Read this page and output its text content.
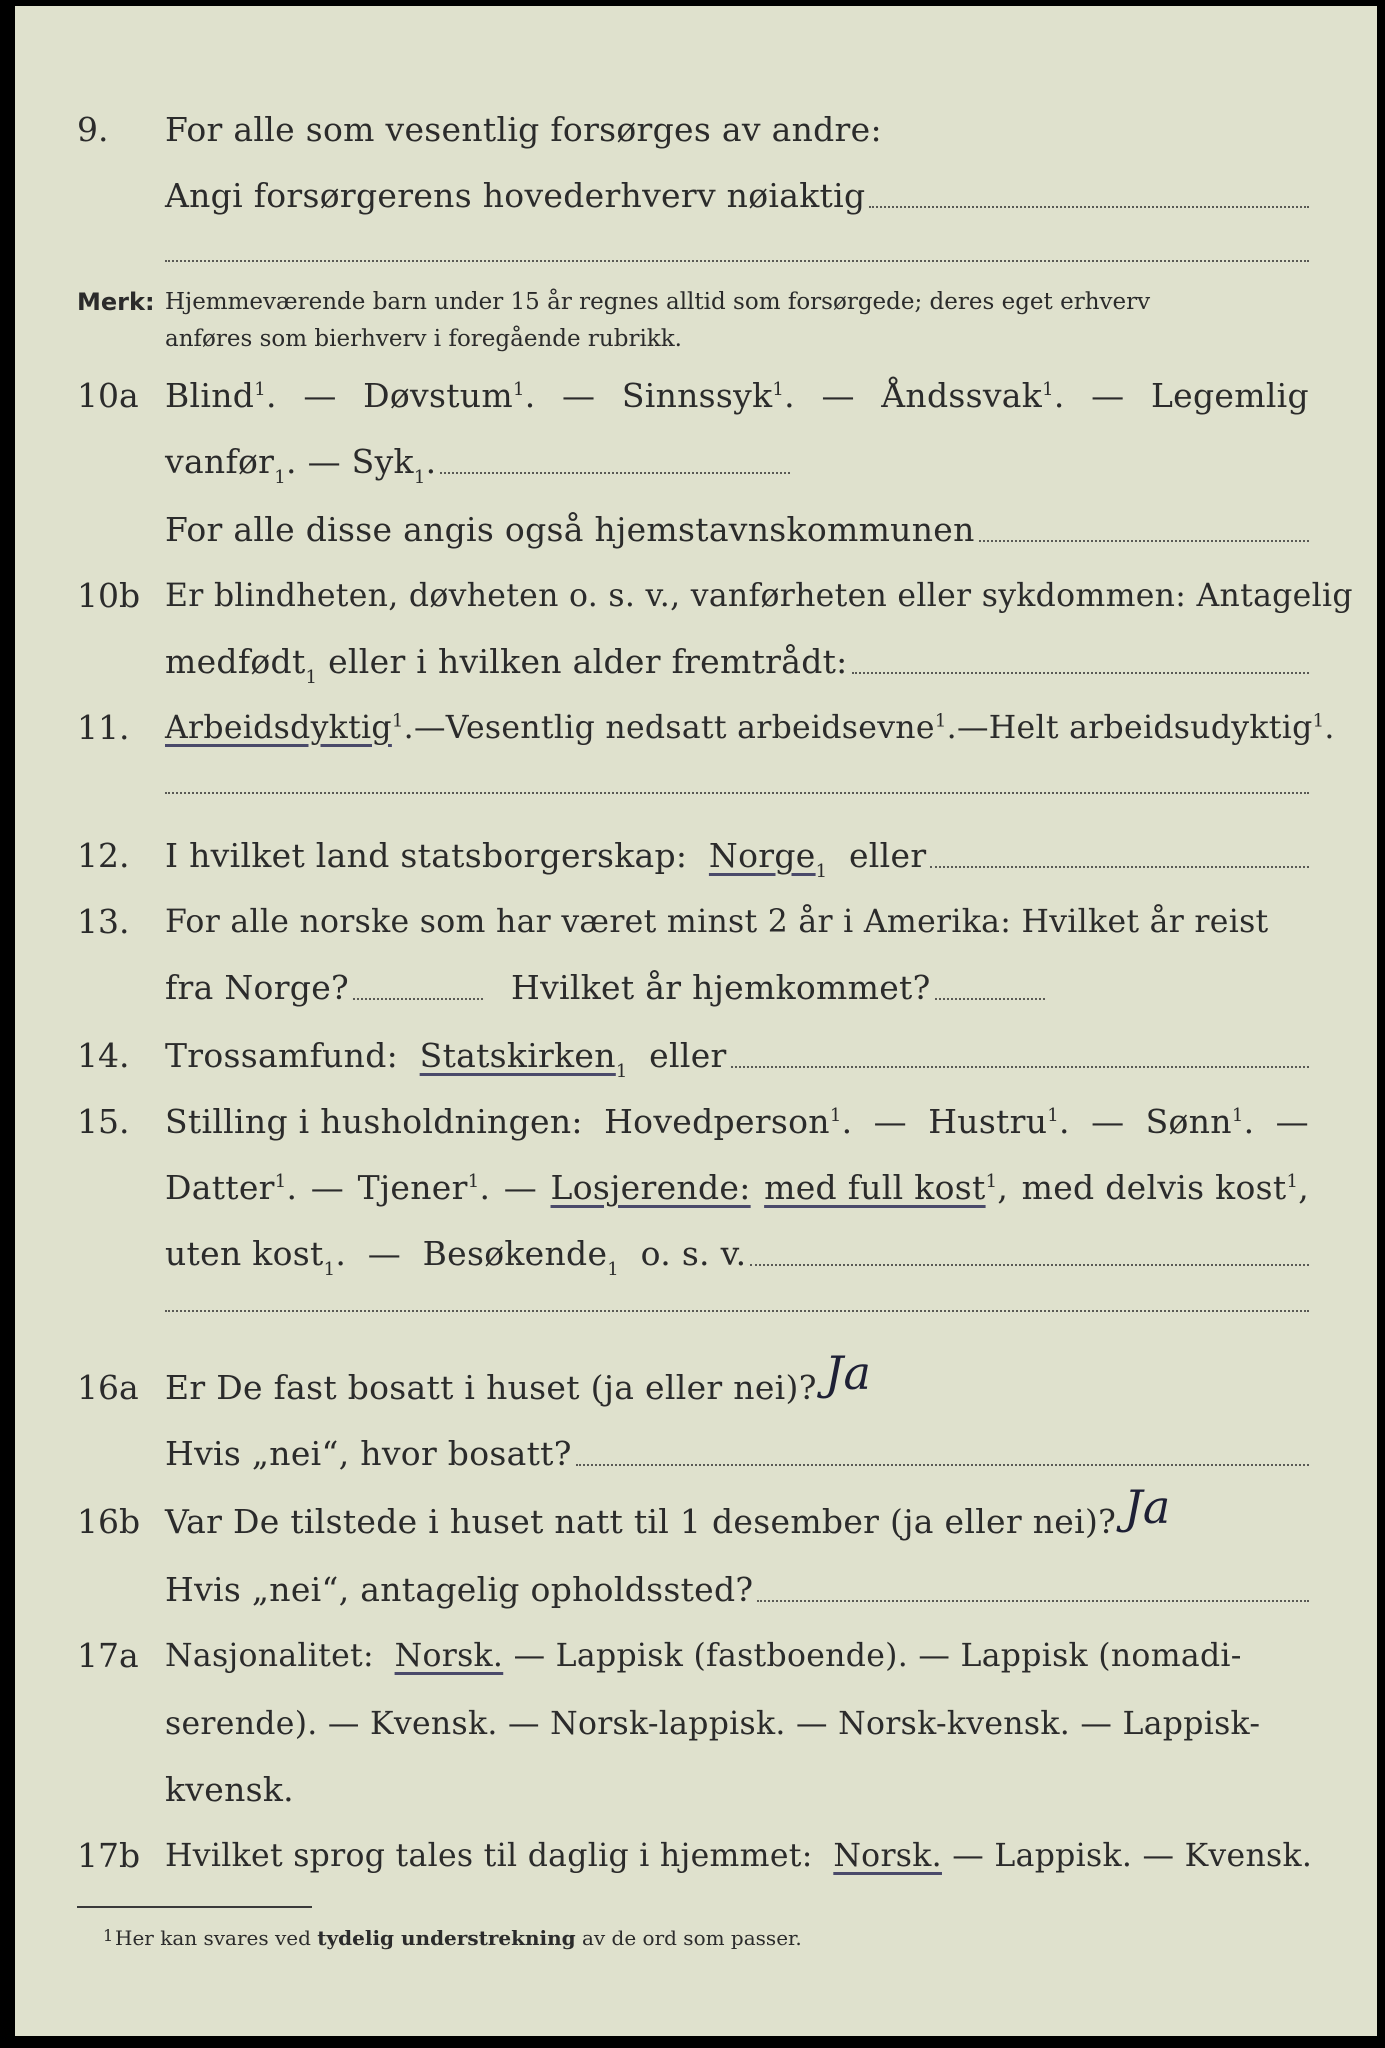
9. For alle som vesentlig forsørges av andre:
Angi forsørgerens hovederhverv nøiaktig
Merk: Hjemmeværende barn under 15 år regnes alltid som forsørgede; deres eget erhverv
anføres som bierhverv i foregående rubrikk.
10a Blind$^1$. — Døvstum$^1$. — Sinnssyk$^1$. — Åndssvak$^1$. — Legemlig
vanfør 1 . — Syk 1 .
For alle disse angis også hjemstavnskommunen
10b Er blindheten, døvheten o. s. v., vanførheten eller sykdommen: Antagelig
medfødt 1
eller i hvilken alder fremtrådt:
11. Arbeidsdyktig$^1$. — Vesentlig nedsatt arbeidsevne$^1$. — Helt arbeidsudyktig$^1$.
12. I hvilket land statsborgerskap:
Norge 1
eller
13. For alle norske som har været minst 2 år i Amerika: Hvilket år reist
fra Norge?	Hvilket år hjemkommet?
14. Trossamfund:
Statskirken 1
eller
15. Stilling i husholdningen: Hovedperson$^1$. — Hustru$^1$. — Sønn$^1$. —
Datter$^1$. — Tjener$^1$. — Losjerende: med full kost$^1$, med delvis kost$^1$,
uten kost 1 .  — Besøkende 1
o. s. v.
16a Er De fast bosatt i huset (ja eller nei)? Ja
Hvis „nei“, hvor bosatt?
16b Var De tilstede i huset natt til 1 desember (ja eller nei)? Ja
Hvis „nei“, antagelig opholdssted?
17a Nasjonalitet:
Norsk.
— Lappisk (fastboende). — Lappisk (nomadi-
serende). — Kvensk. — Norsk-lappisk. — Norsk-kvensk. — Lappisk-
kvensk.
17b Hvilket sprog tales til daglig i hjemmet:
Norsk.
— Lappisk. — Kvensk.
1 Her kan svares ved tydelig understrekning av de ord som passer.
